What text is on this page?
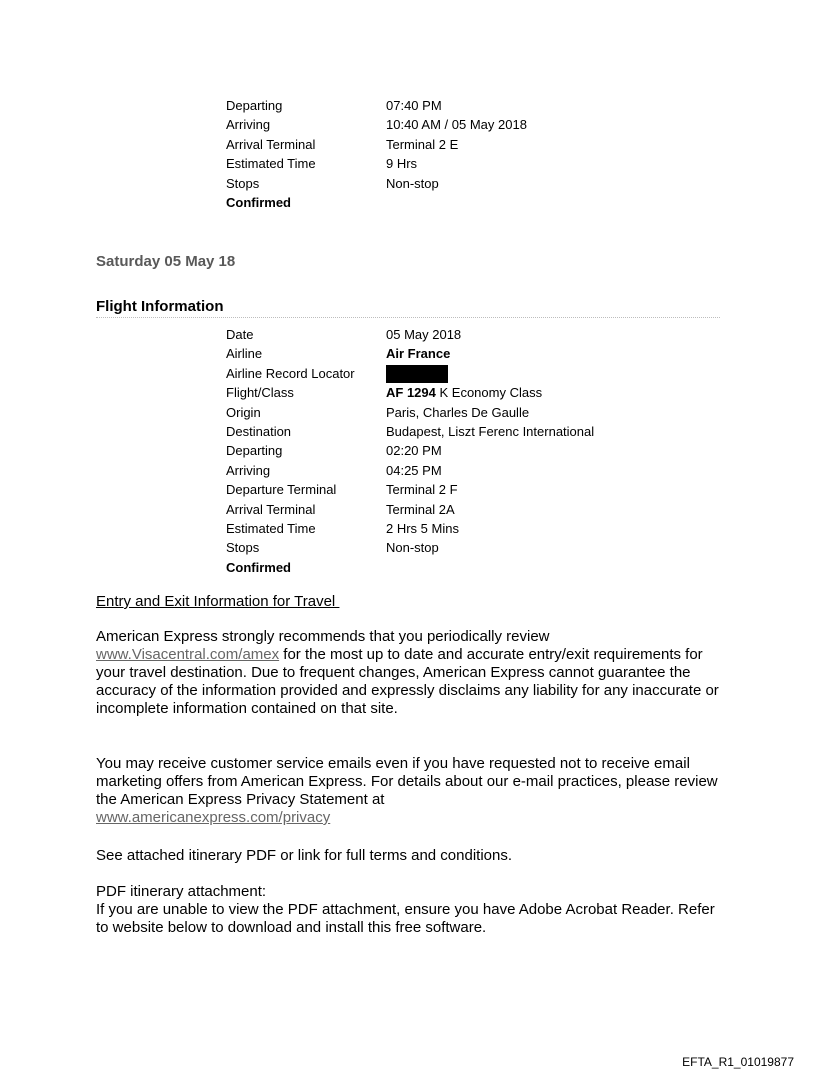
Departing	07:40 PM
Arriving	10:40 AM / 05 May 2018
Arrival Terminal	Terminal 2 E
Estimated Time	9 Hrs
Stops	Non-stop
Confirmed
Saturday 05 May 18
Flight Information
Date	05 May 2018
Airline	Air France
Airline Record Locator
Flight/Class	AF 1294 K Economy Class
Origin	Paris, Charles De Gaulle
Destination	Budapest, Liszt Ferenc International
Departing	02:20 PM
Arriving	04:25 PM
Departure Terminal	Terminal 2 F
Arrival Terminal	Terminal 2A
Estimated Time	2 Hrs 5 Mins
Stops	Non-stop
Confirmed
Entry and Exit Information for Travel

American Express strongly recommends that you periodically review www.Visacentral.com/amex for the most up to date and accurate entry/exit requirements for your travel destination. Due to frequent changes, American Express cannot guarantee the accuracy of the information provided and expressly disclaims any liability for any inaccurate or incomplete information contained on that site.

You may receive customer service emails even if you have requested not to receive email marketing offers from American Express. For details about our e-mail practices, please review the American Express Privacy Statement at
www.americanexpress.com/privacy

See attached itinerary PDF or link for full terms and conditions.

PDF itinerary attachment:
If you are unable to view the PDF attachment, ensure you have Adobe Acrobat Reader. Refer to website below to download and install this free software.

EFTA_R1_01019877
